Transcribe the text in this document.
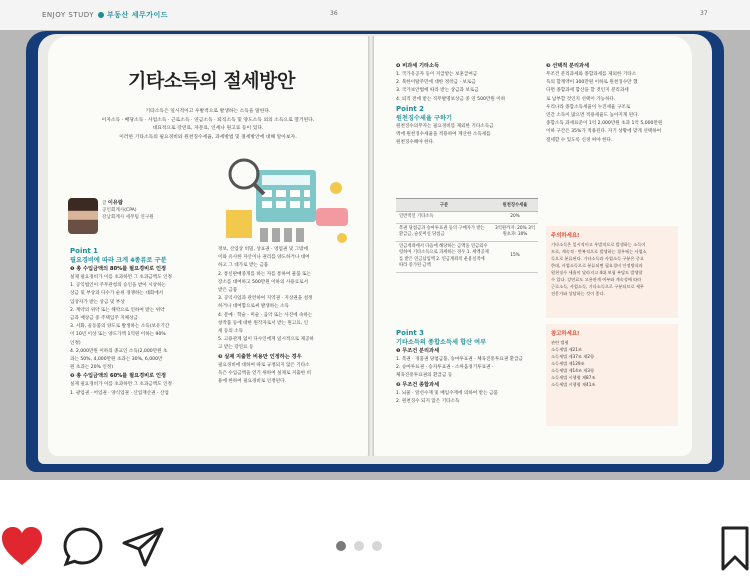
ENJOY STUDY 부동산 세무가이드	36	37
기타소득의 절세방안
기타소득은 일시적이고 우발적으로 발생하는 소득을 말한다.
이자소득 · 배당소득 · 사업소득 · 근로소득 · 연금소득 · 퇴직소득 및 양도소득 외의 소득으로 열거된다.
대표적으로 강연료, 자문료, 인세나 원고료 등이 있다.
이러한 기타소득의 필요경비와 원천징수세율, 과세방법 및 절세방안에 대해 알아보자.
글 이유람
공인회계사(CPA)
강남회계사 세무팀 연구원
Point 1
필요경비에 따라 크게 4종류로 구분
❶ 총 수입금액의 80%를 필요경비로 인정
실제 필요경비가 이를 초과하면 그 초과금액도 인정
1. 공익법인이 주무관청의 승인을 받아 시상하는
상금 및 부상과 다수가 순위 경쟁하는 대회에서
입상자가 받는 상금 및 부상
2. 계약의 위약 또는 해약으로 인하여 받는 위약
금과 배상금 중 주택입주 지체상금
3. 서화, 골동품의 양도로 발생하는 소득(보유기간
이 10년 이상 또는 양도가액 1억원 이하는 90%
인정)
4. 2,000만원 이하의 종교인 소득(2,000만원 초
과는 50%, 4,000만원 초과는 30%, 6,000만
원 초과는 20% 인정)
❷ 총 수입금액의 60%를 필요경비로 인정
실제 필요경비가 이를 초과하면 그 초과금액도 인정
1. 광업권 · 어업권 · 양식업권 · 산업재산권 · 산업
정보, 산업상 비밀, 상표권 · 영업권 및 그밖에
이와 유사한 자산이나 권리를 양도하거나 대여
하고 그 대가로 받는 금품
2. 통신판매중개를 하는 자를 통하여 물품 또는
장소를 대여하고 500만원 이하의 사용료로서
받은 금품
3. 공익사업과 관련하여 지역권 · 지상권을 설정
하거나 대여함으로써 발생하는 소득
4. 문예 · 학술 · 미술 · 음악 또는 사진에 속하는
창작품 등에 대한 원작자로서 받는 원고료, 인
세 등의 소득
5. 고용관계 없이 다수인에게 일시적으로 제공하
고 받는 강연료 등
❸ 실제 지출한 비용만 인정하는 경우
필요경비에 대하여 따로 규정되지 않은 기타소
득은 수입금액을 얻기 위하여 실제로 지출한 비
용에 한하여 필요경비로 인정된다.
❹ 비과세 기타소득
1. 국가유공자 등이 지급받는 보훈급여금
2. 북한이탈주민에 대한 정착금 · 보로금
3. 국가보안법에 따라 받는 상금과 보로금
4. 퇴직 전에 받는 직무발명보상금 중 연 500만원 이하
Point 2
원천징수세율 구하기
원천징수의무자는 필요경비를 제외한 기타소득금
액에 원천징수세율을 적용하여 계산한 소득세를
원천징수해야 한다.
구분	원천징수세율
일반적인 기타소득	20%
복권 당첨금과 승마투표권 등의 구매자가 받는 환급금, 슬롯머신 당첨금	3억원까지: 20% 3억원초과: 30%
연금계좌에서 다음에 해당하는 금액을 연금외수령하여 기타소득으로 과세하는 경우 1. 세액공제를 받은 연금납입액 2. 연금계좌의 운용실적에 따라 증가된 금액	15%
Point 3
기타소득의 종합소득세 합산 여부
❶ 무조건 분리과세
1. 복권 · 경품권 당첨금품, 승마투표권 · 체육진흥투표권 환급금
2. 승마투표권 · 승자투표권 · 소싸움경기투표권 ·
체육진흥투표권의 환급금 등
❷ 무조건 종합과세
1. 뇌물 · 알선수재 및 배임수재에 의하여 받는 금품
2. 원천징수 되지 않은 기타소득
❸ 선택적 분리과세
무조건 분리과세와 종합과세를 제외한 기타소
득의 합계액이 300만원 이하로 원천징수만 했
다면 종합과세 합산을 할 것인지 분리과세
로 납부할 것인지 선택이 가능하다.
우리나라 종합소득세율이 누진세율 구조로
연간 소득이 많으면 적용세율도 높아지게 된다.
종합소득 과세표준이 1억 2,000만원 초과 1억 5,000만원
이하 구간은 35%가 적용된다. 자기 상황에 맞게 선택하여
절세할 수 있도록 신경 써야 한다.
주의하세요!
기타소득은 일시적이고 우발적으로 발생하는 소득이
므로, 계속적 · 반복적으로 발생하는 경우에는 사업소
득으로 분류된다. 기타소득과 사업소득 구분은 중요
한데, 사업소득으로 분류되면 필요경비 인정방식과
원천징수 세율이 달라지고 4대 보험 부담도 발생할
수 있다. 강연료도 고용관계 여부와 계속성에 따라
근로소득, 사업소득, 기타소득으로 구분되므로 세무
전문가와 상담하는 것이 좋다.
참고하세요!
관련 법령
소득세법 제21조
소득세법 제37조 제2항
소득세법 제129조
소득세법 제14조 제3항
소득세법 시행령 제87조
소득세법 시행령 제41조
